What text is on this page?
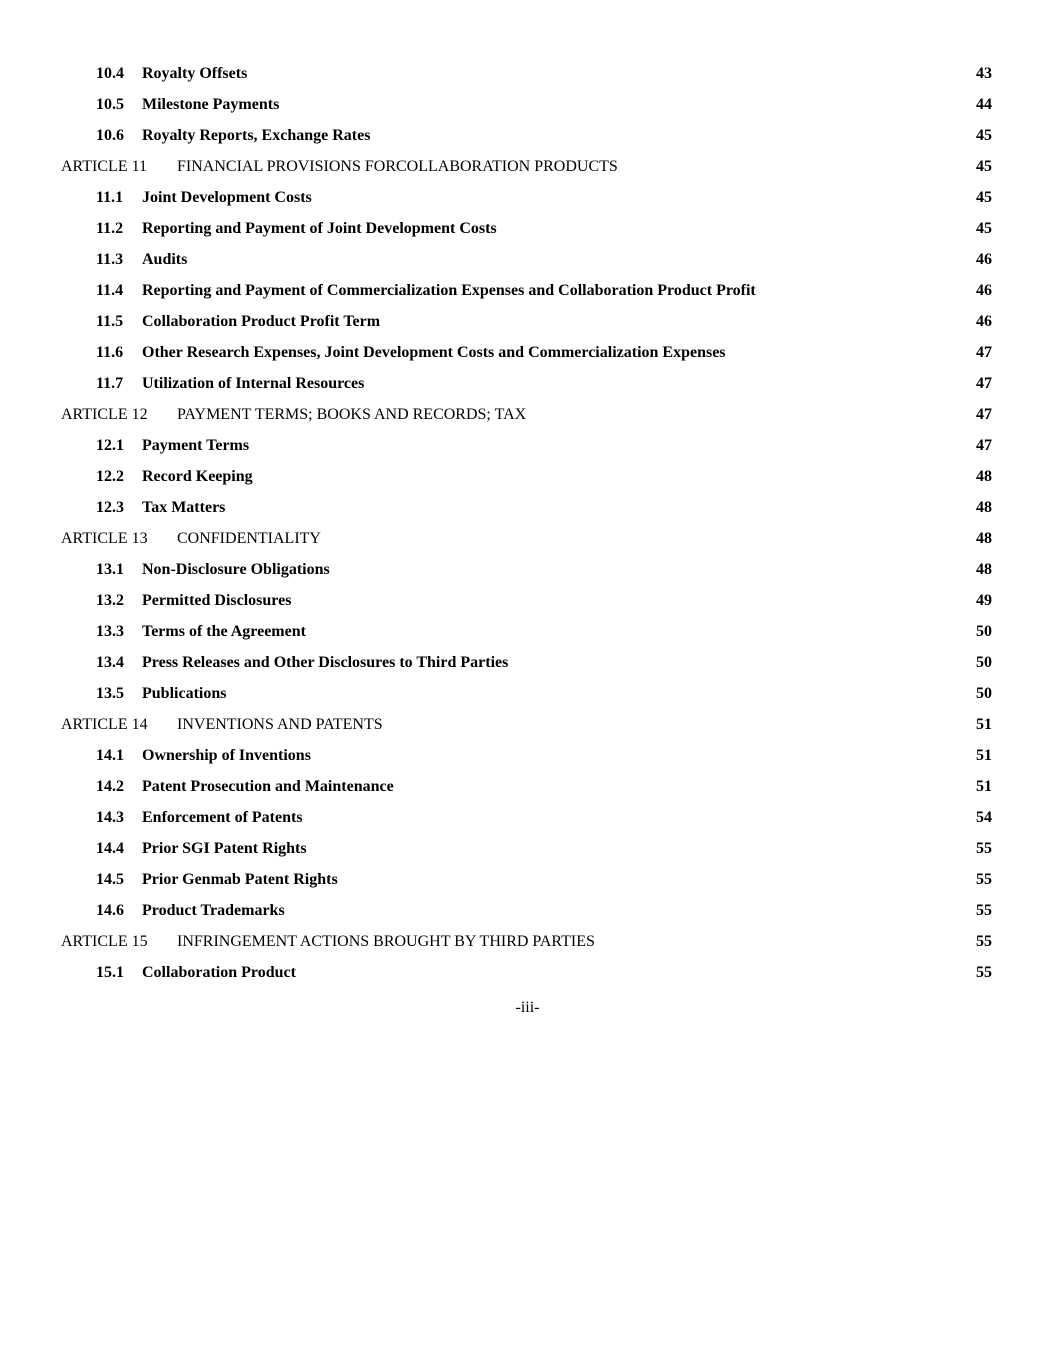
10.4 Royalty Offsets	43
10.5 Milestone Payments	44
10.6 Royalty Reports, Exchange Rates	45
ARTICLE 11 FINANCIAL PROVISIONS FORCOLLABORATION PRODUCTS	45
11.1 Joint Development Costs	45
11.2 Reporting and Payment of Joint Development Costs	45
11.3 Audits	46
11.4 Reporting and Payment of Commercialization Expenses and Collaboration Product Profit	46
11.5 Collaboration Product Profit Term	46
11.6 Other Research Expenses, Joint Development Costs and Commercialization Expenses	47
11.7 Utilization of Internal Resources	47
ARTICLE 12 PAYMENT TERMS; BOOKS AND RECORDS; TAX	47
12.1 Payment Terms	47
12.2 Record Keeping	48
12.3 Tax Matters	48
ARTICLE 13 CONFIDENTIALITY	48
13.1 Non-Disclosure Obligations	48
13.2 Permitted Disclosures	49
13.3 Terms of the Agreement	50
13.4 Press Releases and Other Disclosures to Third Parties	50
13.5 Publications	50
ARTICLE 14 INVENTIONS AND PATENTS	51
14.1 Ownership of Inventions	51
14.2 Patent Prosecution and Maintenance	51
14.3 Enforcement of Patents	54
14.4 Prior SGI Patent Rights	55
14.5 Prior Genmab Patent Rights	55
14.6 Product Trademarks	55
ARTICLE 15 INFRINGEMENT ACTIONS BROUGHT BY THIRD PARTIES	55
15.1 Collaboration Product	55
-iii-
